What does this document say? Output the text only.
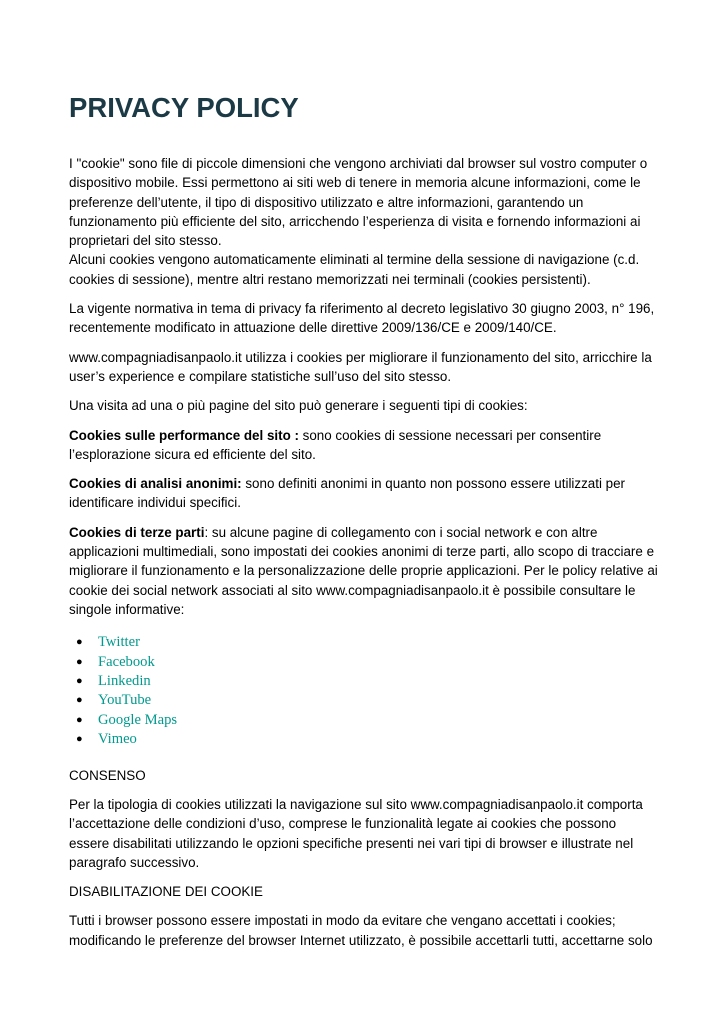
PRIVACY POLICY

I "cookie" sono file di piccole dimensioni che vengono archiviati dal browser sul vostro computer o dispositivo mobile. Essi permettono ai siti web di tenere in memoria alcune informazioni, come le preferenze dell’utente, il tipo di dispositivo utilizzato e altre informazioni, garantendo un funzionamento più efficiente del sito, arricchendo l’esperienza di visita e fornendo informazioni ai proprietari del sito stesso.

Alcuni cookies vengono automaticamente eliminati al termine della sessione di navigazione (c.d. cookies di sessione), mentre altri restano memorizzati nei terminali (cookies persistenti).

La vigente normativa in tema di privacy fa riferimento al decreto legislativo 30 giugno 2003, n° 196, recentemente modificato in attuazione delle direttive 2009/136/CE e 2009/140/CE.

www.compagniadisanpaolo.it utilizza i cookies per migliorare il funzionamento del sito, arricchire la user’s experience e compilare statistiche sull’uso del sito stesso.

Una visita ad una o più pagine del sito può generare i seguenti tipi di cookies:

Cookies sulle performance del sito : sono cookies di sessione necessari per consentire l’esplorazione sicura ed efficiente del sito.

Cookies di analisi anonimi: sono definiti anonimi in quanto non possono essere utilizzati per identificare individui specifici.

Cookies di terze parti: su alcune pagine di collegamento con i social network e con altre applicazioni multimediali, sono impostati dei cookies anonimi di terze parti, allo scopo di tracciare e migliorare il funzionamento e la personalizzazione delle proprie applicazioni. Per le policy relative ai cookie dei social network associati al sito www.compagniadisanpaolo.it è possibile consultare le singole informative:

● Twitter
● Facebook
● Linkedin
● YouTube
● Google Maps
● Vimeo

CONSENSO

Per la tipologia di cookies utilizzati la navigazione sul sito www.compagniadisanpaolo.it comporta l’accettazione delle condizioni d’uso, comprese le funzionalità legate ai cookies che possono essere disabilitati utilizzando le opzioni specifiche presenti nei vari tipi di browser e illustrate nel paragrafo successivo.

DISABILITAZIONE DEI COOKIE

Tutti i browser possono essere impostati in modo da evitare che vengano accettati i cookies; modificando le preferenze del browser Internet utilizzato, è possibile accettarli tutti, accettarne solo
